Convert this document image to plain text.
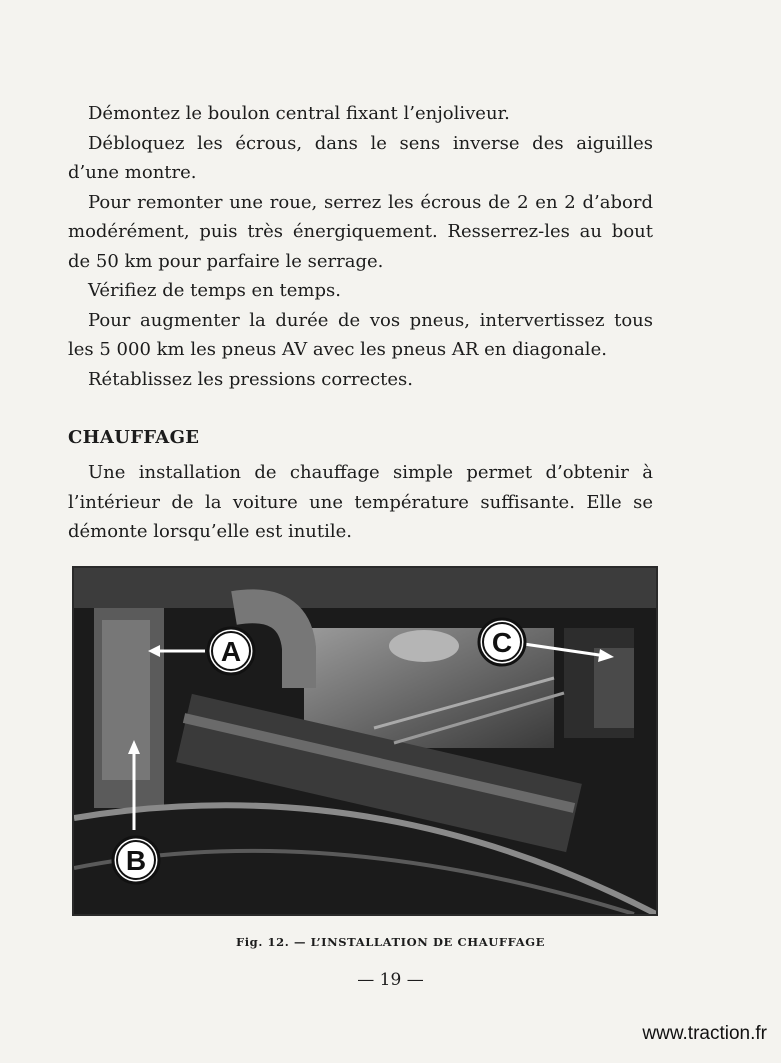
Démontez le boulon central fixant l’enjoliveur.

Débloquez les écrous, dans le sens inverse des aiguilles d’une montre.

Pour remonter une roue, serrez les écrous de 2 en 2 d’abord modérément, puis très énergiquement. Resserrez-les au bout de 50 km pour parfaire le serrage.

Vérifiez de temps en temps.

Pour augmenter la durée de vos pneus, intervertissez tous les 5 000 km les pneus AV avec les pneus AR en diagonale.

Rétablissez les pressions correctes.

CHAUFFAGE

Une installation de chauffage simple permet d’obtenir à l’intérieur de la voiture une température suffisante. Elle se démonte lorsqu’elle est inutile.

A
B
C
Fig. 12. — L’INSTALLATION DE CHAUFFAGE
— 19 —
www.traction.fr
